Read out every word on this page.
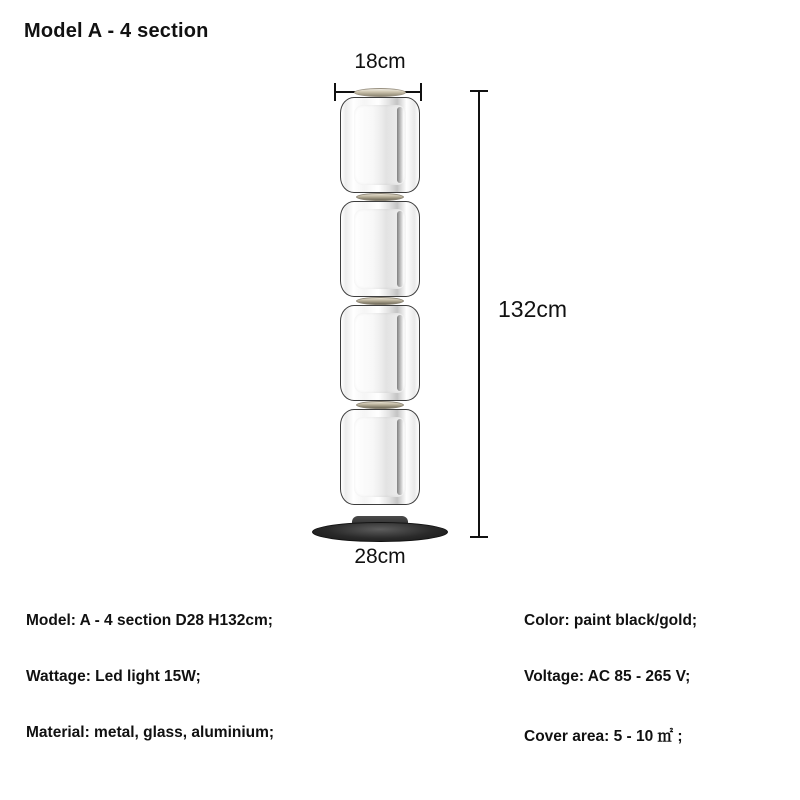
Model A - 4 section
18cm
28cm
132cm
Model: A - 4 section D28 H132cm;	Color: paint black/gold;
Wattage: Led light 15W;	Voltage: AC 85 - 265 V;
Material: metal, glass, aluminium;	Cover area: 5 - 10 ㎡ ;
